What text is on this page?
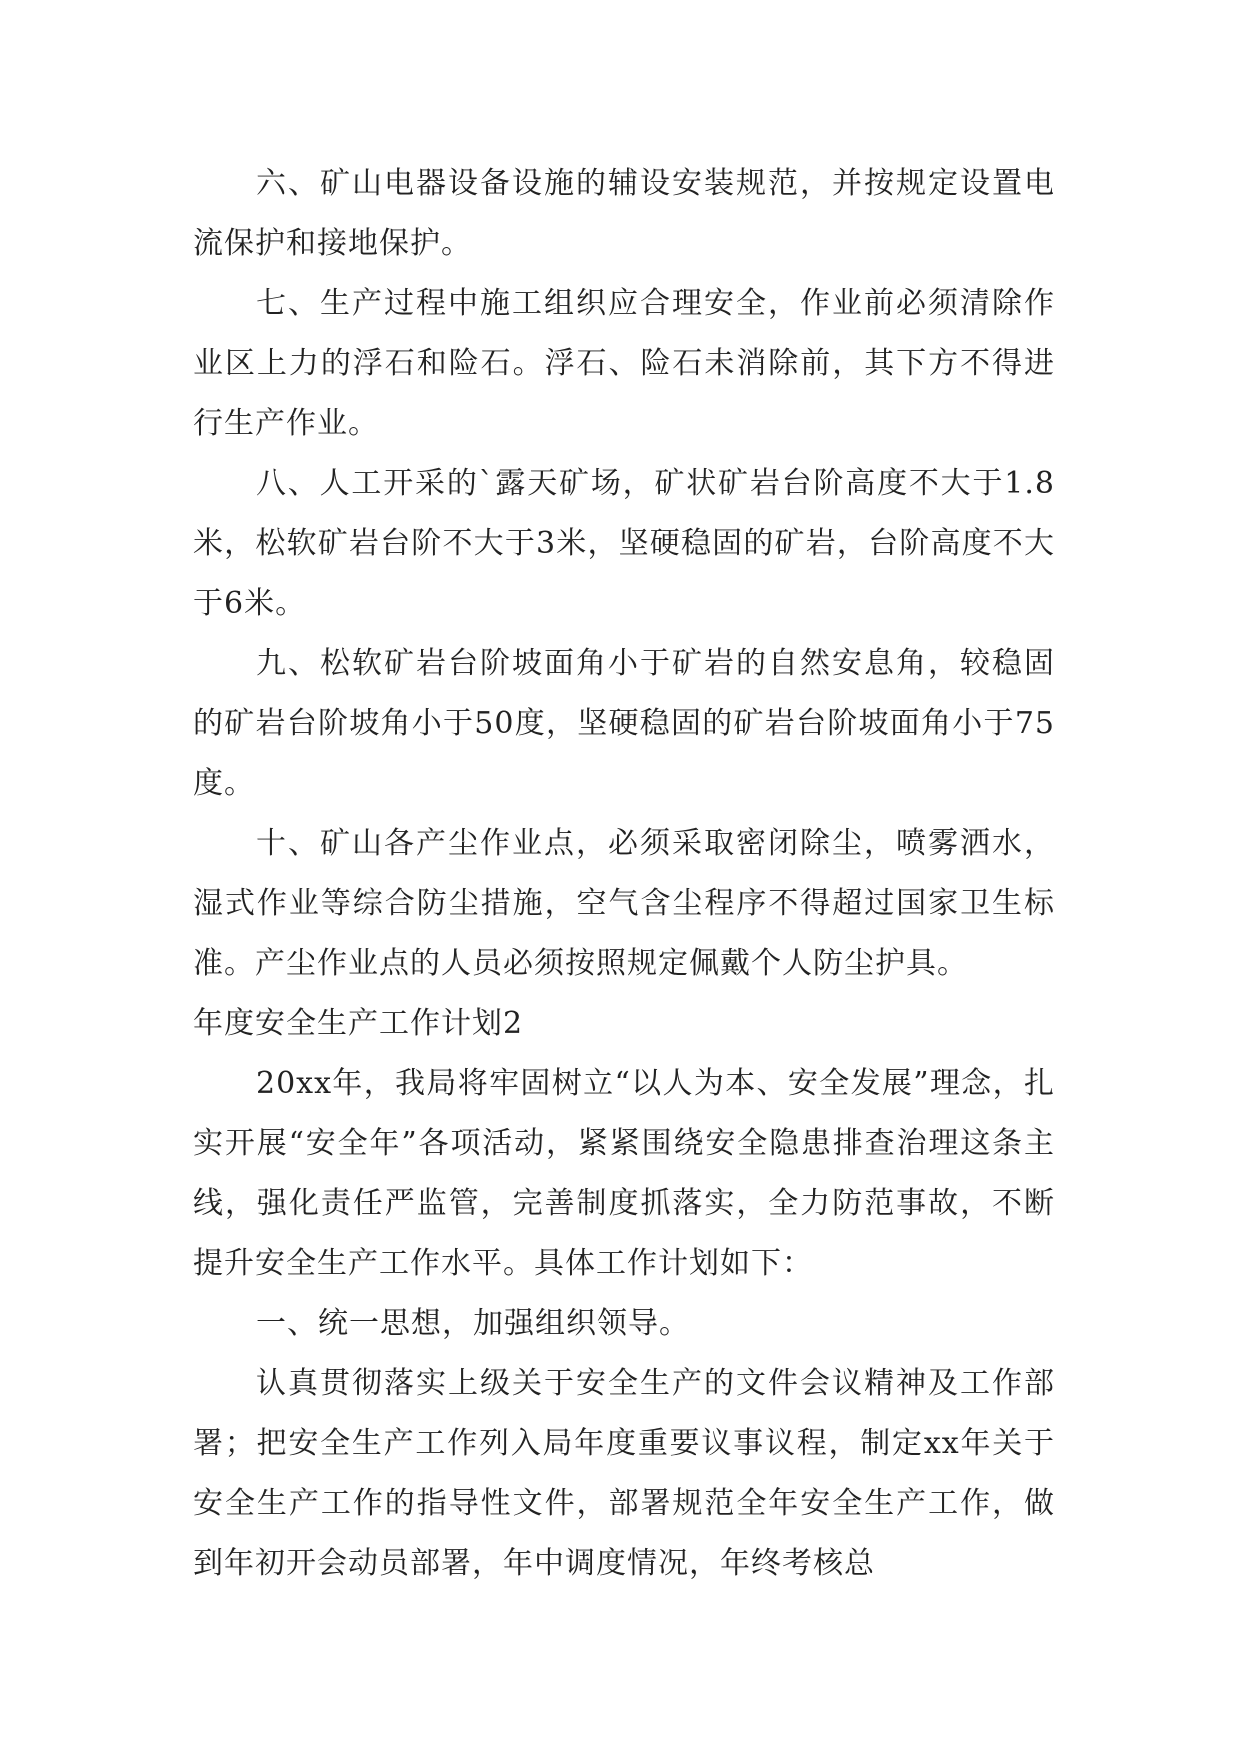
六、矿山电器设备设施的辅设安装规范，并按规定设置电流保护和接地保护。

七、生产过程中施工组织应合理安全，作业前必须清除作业区上力的浮石和险石。浮石、险石未消除前，其下方不得进行生产作业。

八、人工开采的`露天矿场，矿状矿岩台阶高度不大于1.8米，松软矿岩台阶不大于3米，坚硬稳固的矿岩，台阶高度不大于6米。

九、松软矿岩台阶坡面角小于矿岩的自然安息角，较稳固的矿岩台阶坡角小于50度，坚硬稳固的矿岩台阶坡面角小于75度。

十、矿山各产尘作业点，必须采取密闭除尘，喷雾洒水，湿式作业等综合防尘措施，空气含尘程序不得超过国家卫生标准。产尘作业点的人员必须按照规定佩戴个人防尘护具。

年度安全生产工作计划2

20xx年，我局将牢固树立“以人为本、安全发展”理念，扎实开展“安全年”各项活动，紧紧围绕安全隐患排查治理这条主线，强化责任严监管，完善制度抓落实，全力防范事故，不断提升安全生产工作水平。具体工作计划如下：

一、统一思想，加强组织领导。

认真贯彻落实上级关于安全生产的文件会议精神及工作部署；把安全生产工作列入局年度重要议事议程，制定xx年关于安全生产工作的指导性文件，部署规范全年安全生产工作，做到年初开会动员部署，年中调度情况，年终考核总
